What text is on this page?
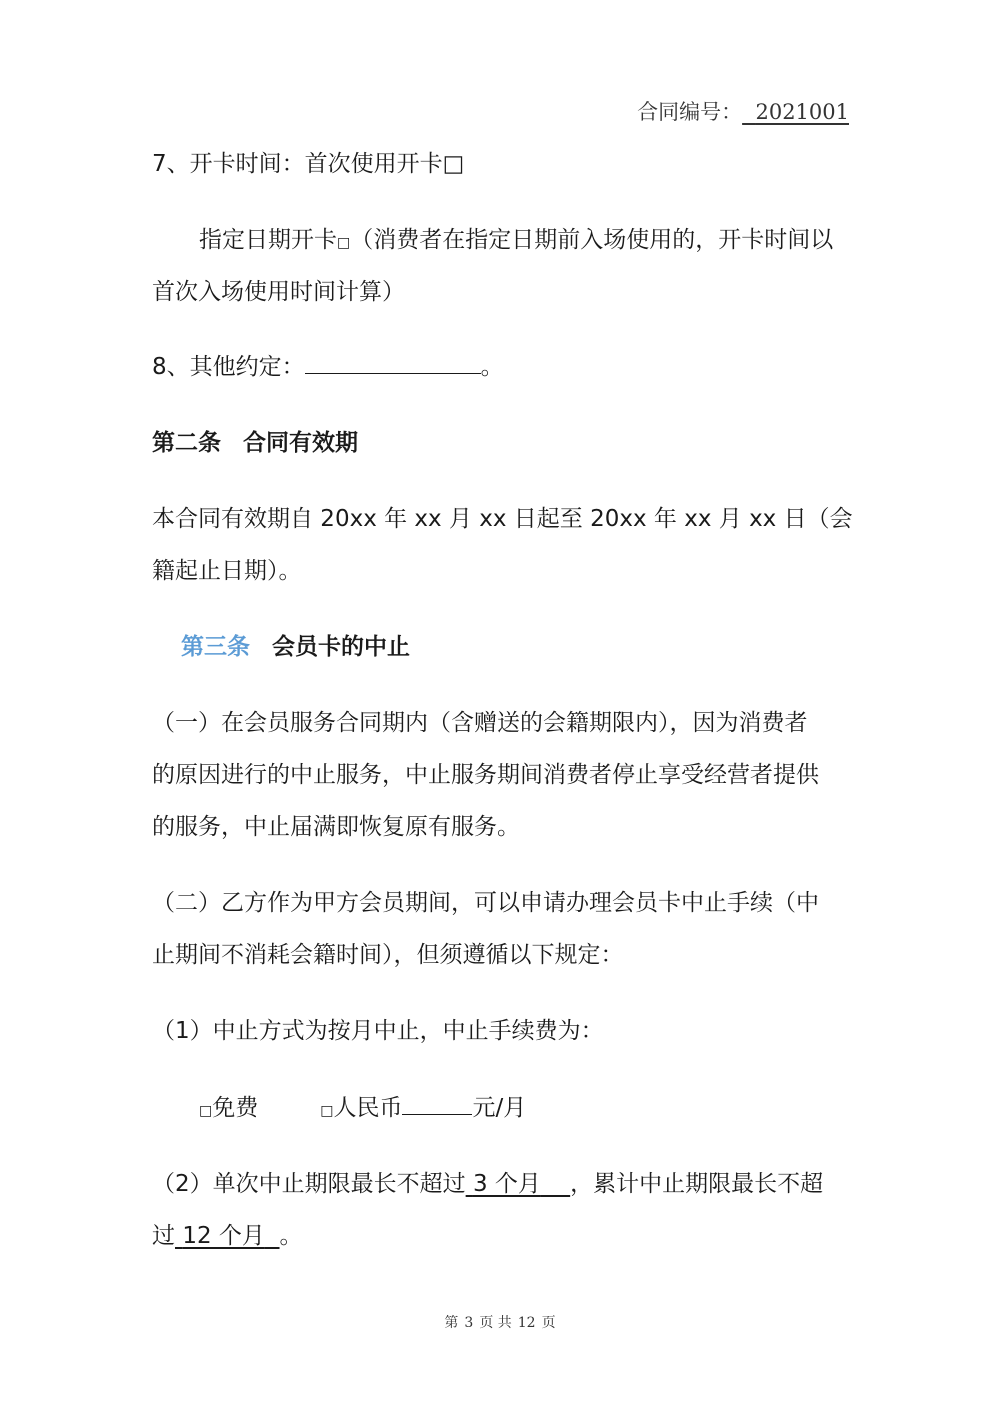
合同编号： 2021001
7、开卡时间：首次使用开卡□
指定日期开卡□（消费者在指定日期前入场使用的，开卡时间以
首次入场使用时间计算）
8、其他约定：	。
第二条 合同有效期
本合同有效期自 20xx 年 xx 月 xx 日起至 20xx 年 xx 月 xx 日（会
籍起止日期）。
第三条 会员卡的中止
（一）在会员服务合同期内（含赠送的会籍期限内），因为消费者
的原因进行的中止服务，中止服务期间消费者停止享受经营者提供
的服务，中止届满即恢复原有服务。
（二）乙方作为甲方会员期间，可以申请办理会员卡中止手续（中
止期间不消耗会籍时间），但须遵循以下规定：
（1）中止方式为按月中止，中止手续费为：
□免费	□人民币	元/月
（2）单次中止期限最长不超过 3 个月 ，累计中止期限最长不超
过 12 个月 。
第 3 页 共 12 页
